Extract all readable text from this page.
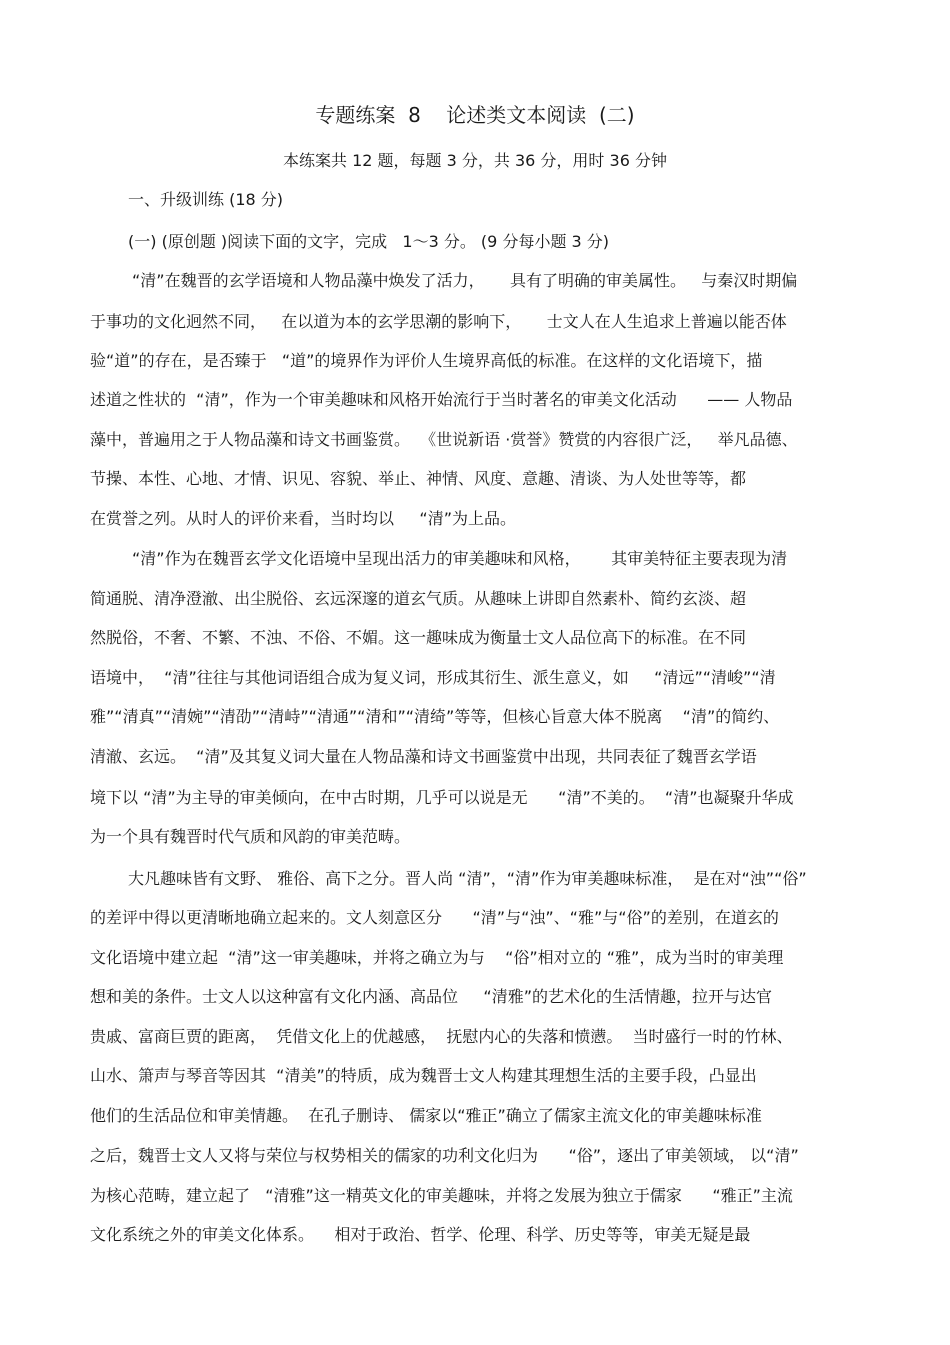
专题练案  8    论述类文本阅读  (二)
本练案共 12 题，每题 3 分，共 36 分，用时 36 分钟
一、升级训练 (18 分)
(一) (原创题 )阅读下面的文字，完成   1～3 分。 (9 分每小题 3 分)
“清”在魏晋的玄学语境和人物品藻中焕发了活力，     具有了明确的审美属性。   与秦汉时期偏
于事功的文化迥然不同，   在以道为本的玄学思潮的影响下，     士文人在人生追求上普遍以能否体
验“道”的存在，是否臻于   “道”的境界作为评价人生境界高低的标准。在这样的文化语境下，描
述道之性状的  “清”，作为一个审美趣味和风格开始流行于当时著名的审美文化活动      —— 人物品
藻中，普遍用之于人物品藻和诗文书画鉴赏。  《世说新语 ·赏誉》赞赏的内容很广泛，   举凡品德、
节操、本性、心地、才情、识见、容貌、举止、神情、风度、意趣、清谈、为人处世等等，都
在赏誉之列。从时人的评价来看，当时均以     “清”为上品。
“清”作为在魏晋玄学文化语境中呈现出活力的审美趣味和风格，      其审美特征主要表现为清
简通脱、清净澄澈、出尘脱俗、玄远深邃的道玄气质。从趣味上讲即自然素朴、简约玄淡、超
然脱俗，不奢、不繁、不浊、不俗、不媚。这一趣味成为衡量士文人品位高下的标准。在不同
语境中，  “清”往往与其他词语组合成为复义词，形成其衍生、派生意义，如     “清远”“清峻”“清
雅”“清真”“清婉”“清劭”“清峙”“清通”“清和”“清绮”等等，但核心旨意大体不脱离    “清”的简约、
清澈、玄远。  “清”及其复义词大量在人物品藻和诗文书画鉴赏中出现，共同表征了魏晋玄学语
境下以 “清”为主导的审美倾向，在中古时期，几乎可以说是无      “清”不美的。  “清”也凝聚升华成
为一个具有魏晋时代气质和风韵的审美范畴。
大凡趣味皆有文野、 雅俗、高下之分。晋人尚 “清”，“清”作为审美趣味标准，  是在对“浊”“俗”
的差评中得以更清晰地确立起来的。文人刻意区分      “清”与“浊”、“雅”与“俗”的差别，在道玄的
文化语境中建立起  “清”这一审美趣味，并将之确立为与    “俗”相对立的 “雅”，成为当时的审美理
想和美的条件。士文人以这种富有文化内涵、高品位     “清雅”的艺术化的生活情趣，拉开与达官
贵戚、富商巨贾的距离，  凭借文化上的优越感，  抚慰内心的失落和愤懑。  当时盛行一时的竹林、
山水、箫声与琴音等因其  “清美”的特质，成为魏晋士文人构建其理想生活的主要手段，凸显出
他们的生活品位和审美情趣。  在孔子删诗、 儒家以“雅正”确立了儒家主流文化的审美趣味标准
之后，魏晋士文人又将与荣位与权势相关的儒家的功利文化归为      “俗”，逐出了审美领域， 以“清”
为核心范畴，建立起了   “清雅”这一精英文化的审美趣味，并将之发展为独立于儒家      “雅正”主流
文化系统之外的审美文化体系。    相对于政治、哲学、伦理、科学、历史等等，审美无疑是最
